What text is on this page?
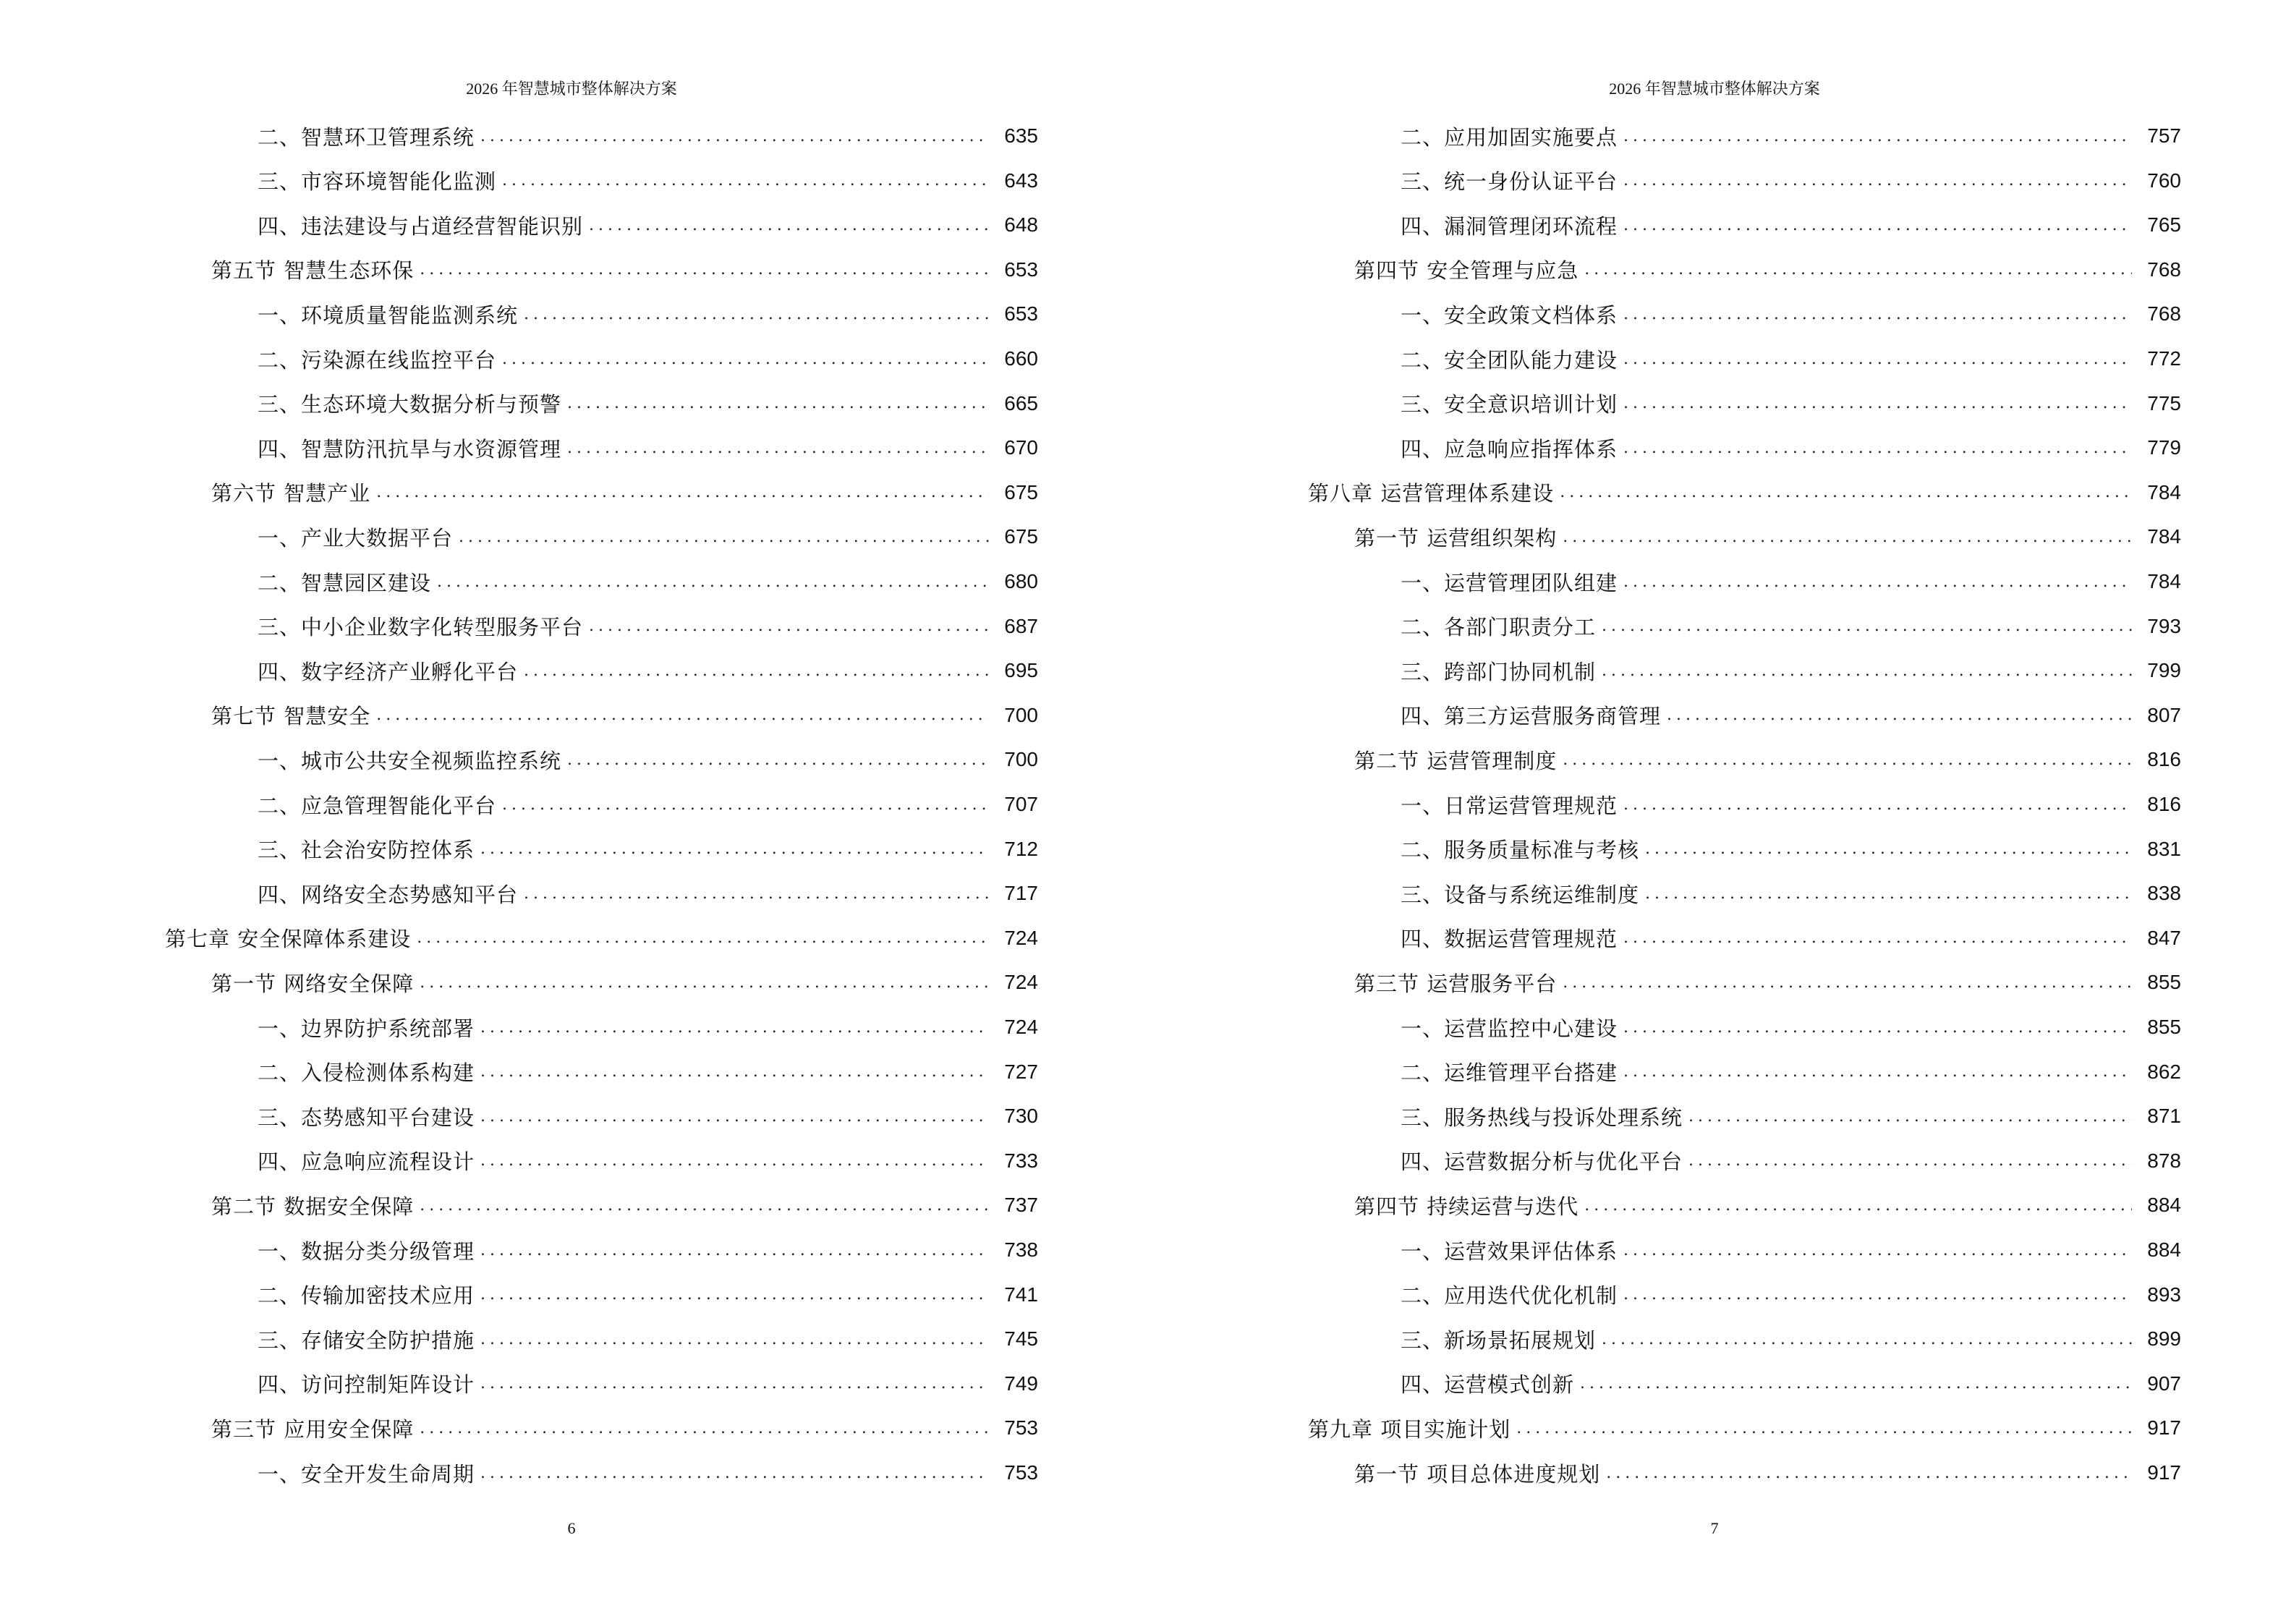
2026 年智慧城市整体解决方案
二、智慧环卫管理系统 .....	635
三、市容环境智能化监测 .....	643
四、违法建设与占道经营智能识别 .....	648
第五节 智慧生态环保 .....	653
一、环境质量智能监测系统 .....	653
二、污染源在线监控平台 .....	660
三、生态环境大数据分析与预警 .....	665
四、智慧防汛抗旱与水资源管理 .....	670
第六节 智慧产业 .....	675
一、产业大数据平台 .....	675
二、智慧园区建设 .....	680
三、中小企业数字化转型服务平台 .....	687
四、数字经济产业孵化平台 .....	695
第七节 智慧安全 .....	700
一、城市公共安全视频监控系统 .....	700
二、应急管理智能化平台 .....	707
三、社会治安防控体系 .....	712
四、网络安全态势感知平台 .....	717
第七章 安全保障体系建设 .....	724
第一节 网络安全保障 .....	724
一、边界防护系统部署 .....	724
二、入侵检测体系构建 .....	727
三、态势感知平台建设 .....	730
四、应急响应流程设计 .....	733
第二节 数据安全保障 .....	737
一、数据分类分级管理 .....	738
二、传输加密技术应用 .....	741
三、存储安全防护措施 .....	745
四、访问控制矩阵设计 .....	749
第三节 应用安全保障 .....	753
一、安全开发生命周期 .....	753
6
2026 年智慧城市整体解决方案
二、应用加固实施要点 .....	757
三、统一身份认证平台 .....	760
四、漏洞管理闭环流程 .....	765
第四节 安全管理与应急 .....	768
一、安全政策文档体系 .....	768
二、安全团队能力建设 .....	772
三、安全意识培训计划 .....	775
四、应急响应指挥体系 .....	779
第八章 运营管理体系建设 .....	784
第一节 运营组织架构 .....	784
一、运营管理团队组建 .....	784
二、各部门职责分工 .....	793
三、跨部门协同机制 .....	799
四、第三方运营服务商管理 .....	807
第二节 运营管理制度 .....	816
一、日常运营管理规范 .....	816
二、服务质量标准与考核 .....	831
三、设备与系统运维制度 .....	838
四、数据运营管理规范 .....	847
第三节 运营服务平台 .....	855
一、运营监控中心建设 .....	855
二、运维管理平台搭建 .....	862
三、服务热线与投诉处理系统 .....	871
四、运营数据分析与优化平台 .....	878
第四节 持续运营与迭代 .....	884
一、运营效果评估体系 .....	884
二、应用迭代优化机制 .....	893
三、新场景拓展规划 .....	899
四、运营模式创新 .....	907
第九章 项目实施计划 .....	917
第一节 项目总体进度规划 .....	917
7
